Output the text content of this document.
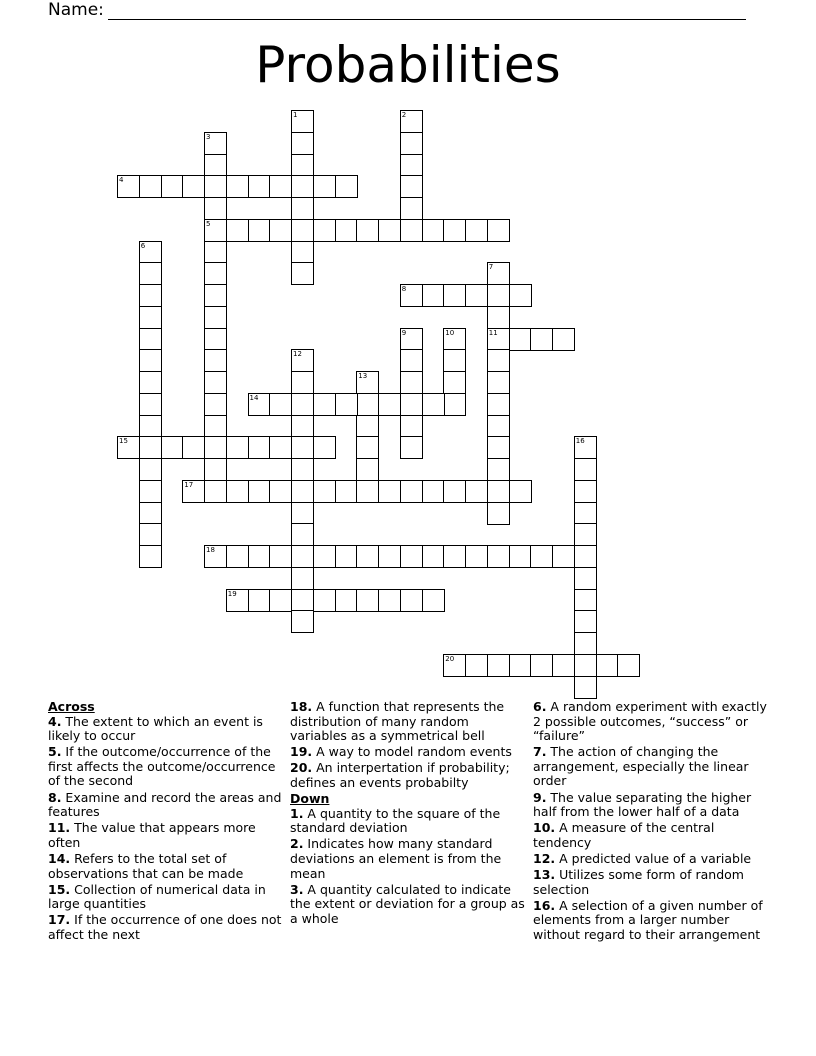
Name:
Probabilities
1	2
3
5
4
6
7
11
8
9	10
12
13
14
15	16
17
18
19
20
Across
4. The extent to which an event is likely to occur
5. If the outcome/occurrence of the first affects the outcome/occurrence of the second
8. Examine and record the areas and features
11. The value that appears more often
14. Refers to the total set of observations that can be made
15. Collection of numerical data in large quantities
17. If the occurrence of one does not affect the next
18. A function that represents the distribution of many random variables as a symmetrical bell
19. A way to model random events
20. An interpertation if probability; defines an events probabilty
Down
1. A quantity to the square of the standard deviation
2. Indicates how many standard deviations an element is from the mean
3. A quantity calculated to indicate the extent or deviation for a group as a whole
6. A random experiment with exactly 2 possible outcomes, “success” or “failure”
7. The action of changing the arrangement, especially the linear order
9. The value separating the higher half from the lower half of a data
10. A measure of the central tendency
12. A predicted value of a variable
13. Utilizes some form of random selection
16. A selection of a given number of elements from a larger number without regard to their arrangement
